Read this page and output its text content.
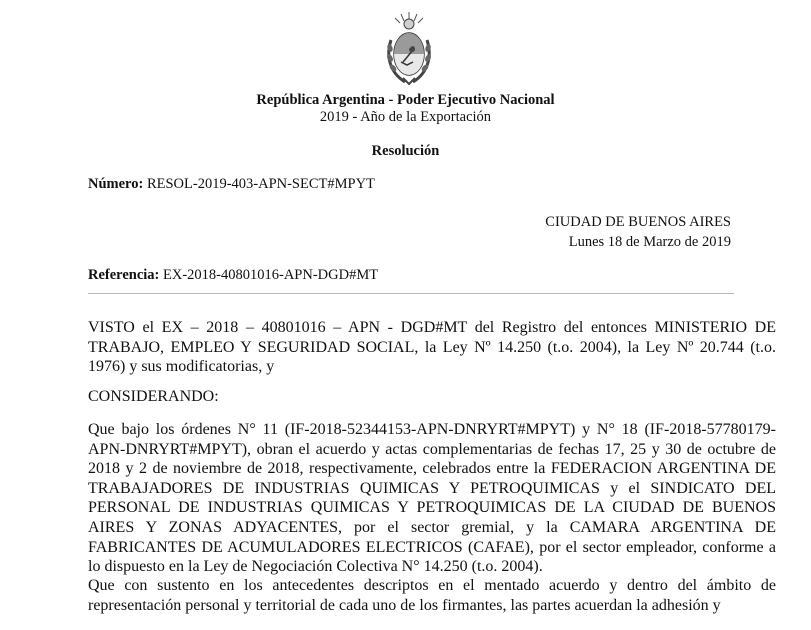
República Argentina - Poder Ejecutivo Nacional
2019 - Año de la Exportación
Resolución
Número: RESOL-2019-403-APN-SECT#MPYT
CIUDAD DE BUENOS AIRES
Lunes 18 de Marzo de 2019
Referencia: EX-2018-40801016-APN-DGD#MT

VISTO el EX – 2018 – 40801016 – APN - DGD#MT del Registro del entonces MINISTERIO DE TRABAJO, EMPLEO Y SEGURIDAD SOCIAL, la Ley Nº 14.250 (t.o. 2004), la Ley Nº 20.744 (t.o. 1976) y sus modificatorias, y

CONSIDERANDO:

Que bajo los órdenes N° 11 (IF-2018-52344153-APN-DNRYRT#MPYT) y N° 18 (IF-2018-57780179-APN-DNRYRT#MPYT), obran el acuerdo y actas complementarias de fechas 17, 25 y 30 de octubre de 2018 y 2 de noviembre de 2018, respectivamente, celebrados entre la FEDERACION ARGENTINA DE TRABAJADORES DE INDUSTRIAS QUIMICAS Y PETROQUIMICAS y el SINDICATO DEL PERSONAL DE INDUSTRIAS QUIMICAS Y PETROQUIMICAS DE LA CIUDAD DE BUENOS AIRES Y ZONAS ADYACENTES, por el sector gremial, y la CAMARA ARGENTINA DE FABRICANTES DE ACUMULADORES ELECTRICOS (CAFAE), por el sector empleador, conforme a lo dispuesto en la Ley de Negociación Colectiva N° 14.250 (t.o. 2004).

Que con sustento en los antecedentes descriptos en el mentado acuerdo y dentro del ámbito de representación personal y territorial de cada uno de los firmantes, las partes acuerdan la adhesión y
